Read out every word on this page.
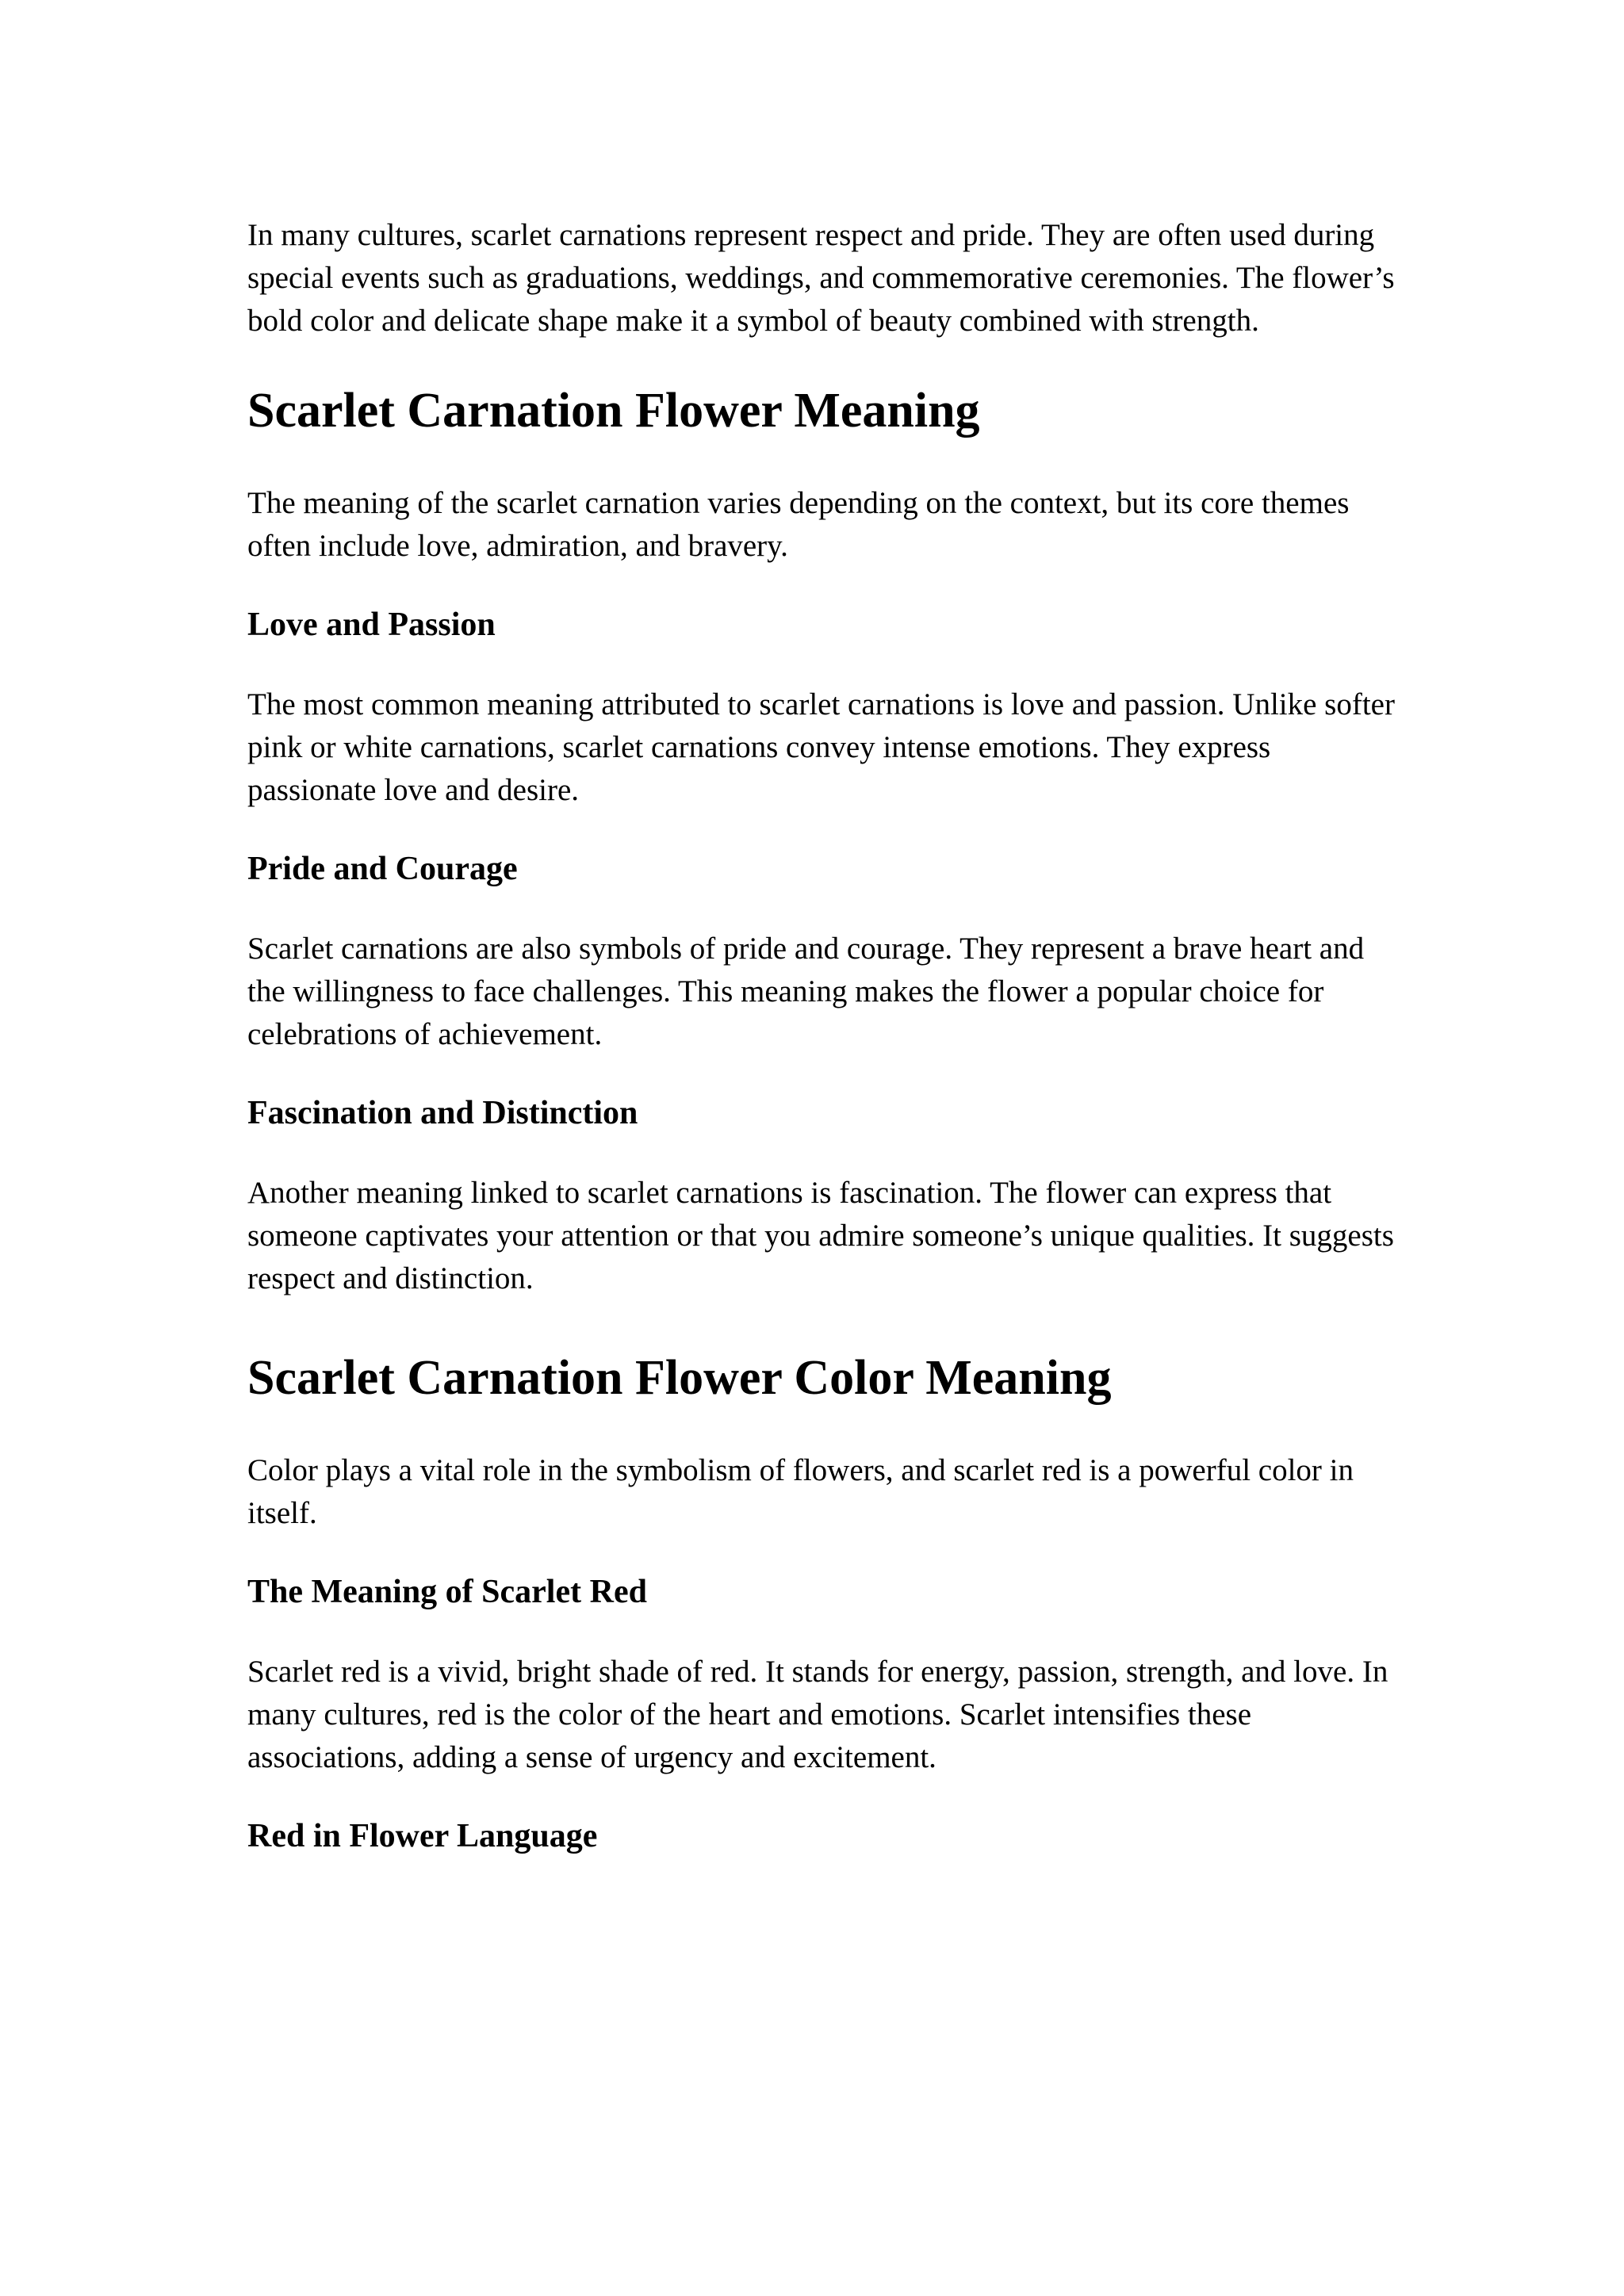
In many cultures, scarlet carnations represent respect and pride. They are often used during special events such as graduations, weddings, and commemorative ceremonies. The flower’s bold color and delicate shape make it a symbol of beauty combined with strength.

Scarlet Carnation Flower Meaning

The meaning of the scarlet carnation varies depending on the context, but its core themes often include love, admiration, and bravery.

Love and Passion

The most common meaning attributed to scarlet carnations is love and passion. Unlike softer pink or white carnations, scarlet carnations convey intense emotions. They express passionate love and desire.

Pride and Courage

Scarlet carnations are also symbols of pride and courage. They represent a brave heart and the willingness to face challenges. This meaning makes the flower a popular choice for celebrations of achievement.

Fascination and Distinction

Another meaning linked to scarlet carnations is fascination. The flower can express that someone captivates your attention or that you admire someone’s unique qualities. It suggests respect and distinction.

Scarlet Carnation Flower Color Meaning

Color plays a vital role in the symbolism of flowers, and scarlet red is a powerful color in itself.

The Meaning of Scarlet Red

Scarlet red is a vivid, bright shade of red. It stands for energy, passion, strength, and love. In many cultures, red is the color of the heart and emotions. Scarlet intensifies these associations, adding a sense of urgency and excitement.

Red in Flower Language
